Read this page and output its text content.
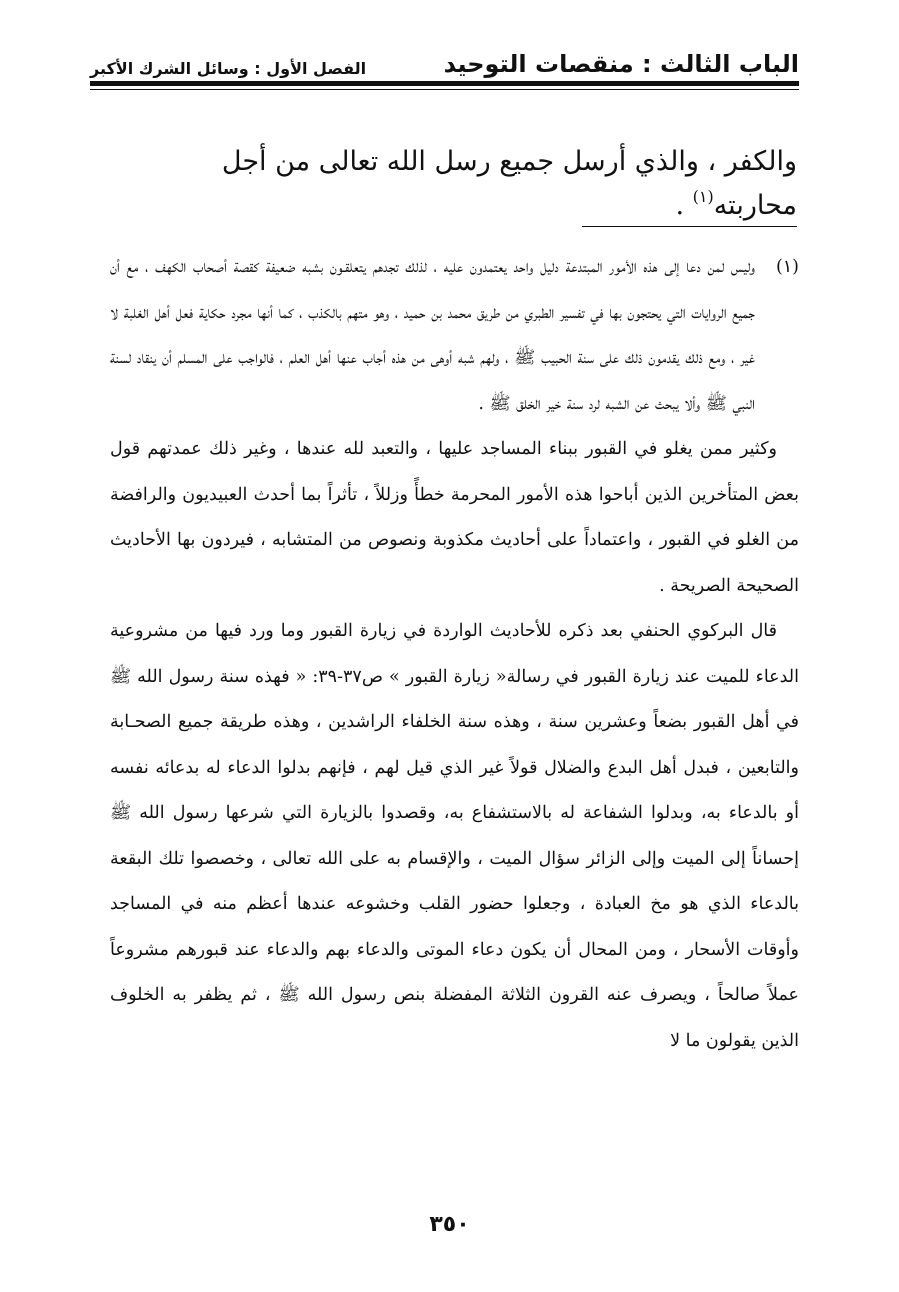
الباب الثالث : منقصات التوحيد
الفصل الأول : وسائل الشرك الأكبر
والكفر ، والذي أرسل جميع رسل الله تعالى من أجل محاربته$^{(١)}$ .
(١)
وليس لمن دعا إلى هذه الأمور المبتدعة دليل واحد يعتمدون عليه ، لذلك تجدهم يتعلقـون بشبه ضعيفة كقصة أصحاب الكهف ، مع أن جميع الروايات التي يحتجون بها في تفسير الطبري من طريق محمد بن حميد ، وهو متهم بالكذب ، كما أنها مجرد حكاية فعل أهل الغلبة لا غير ، ومع ذلك يقدمون ذلك على سنة الحبيب ﷺ ، ولهم شبه أوهى من هذه أجاب عنها أهل العلم ، فالواجب على المسلم أن ينقاد لسنة النبي ﷺ وألا يبحث عن الشبه لرد سنة خير الخلق ﷺ .
وكثير ممن يغلو في القبور ببناء المساجد عليها ، والتعبد لله عندها ، وغير ذلك عمدتهم قول بعض المتأخرين الذين أباحوا هذه الأمور المحرمة خطأً وزللاً ، تأثراً بما أحدث العبيديون والرافضة من الغلو في القبور ، واعتماداً على أحاديث مكذوبة ونصوص من المتشابه ، فيردون بها الأحاديث الصحيحة الصريحة .
قال البركوي الحنفي بعد ذكره للأحاديث الواردة في زيارة القبور وما ورد فيها من مشروعية الدعاء للميت عند زيارة القبور في رسالة« زيارة القبور » ص٣٧-٣٩: « فهذه سنة رسول الله ﷺ في أهل القبور بضعاً وعشرين سنة ، وهذه سنة الخلفاء الراشدين ، وهذه طريقة جميع الصحـابة والتابعين ، فبدل أهل البدع والضلال قولاً غير الذي قيل لهم ، فإنهم بدلوا الدعاء له بدعائه نفسه أو بالدعاء به، وبدلوا الشفاعة له بالاستشفاع به، وقصدوا بالزيارة التي شرعها رسول الله ﷺ إحساناً إلى الميت وإلى الزائر سؤال الميت ، والإقسام به على الله تعالى ، وخصصوا تلك البقعة بالدعاء الذي هو مخ العبادة ، وجعلوا حضور القلب وخشوعه عندها أعظم منه في المساجد وأوقات الأسحار ، ومن المحال أن يكون دعاء الموتى والدعاء بهم والدعاء عند قبورهم مشروعاً عملاً صالحاً ، ويصرف عنه القرون الثلاثة المفضلة بنص رسول الله ﷺ ، ثم يظفر به الخلوف الذين يقولون ما لا
٣٥٠
